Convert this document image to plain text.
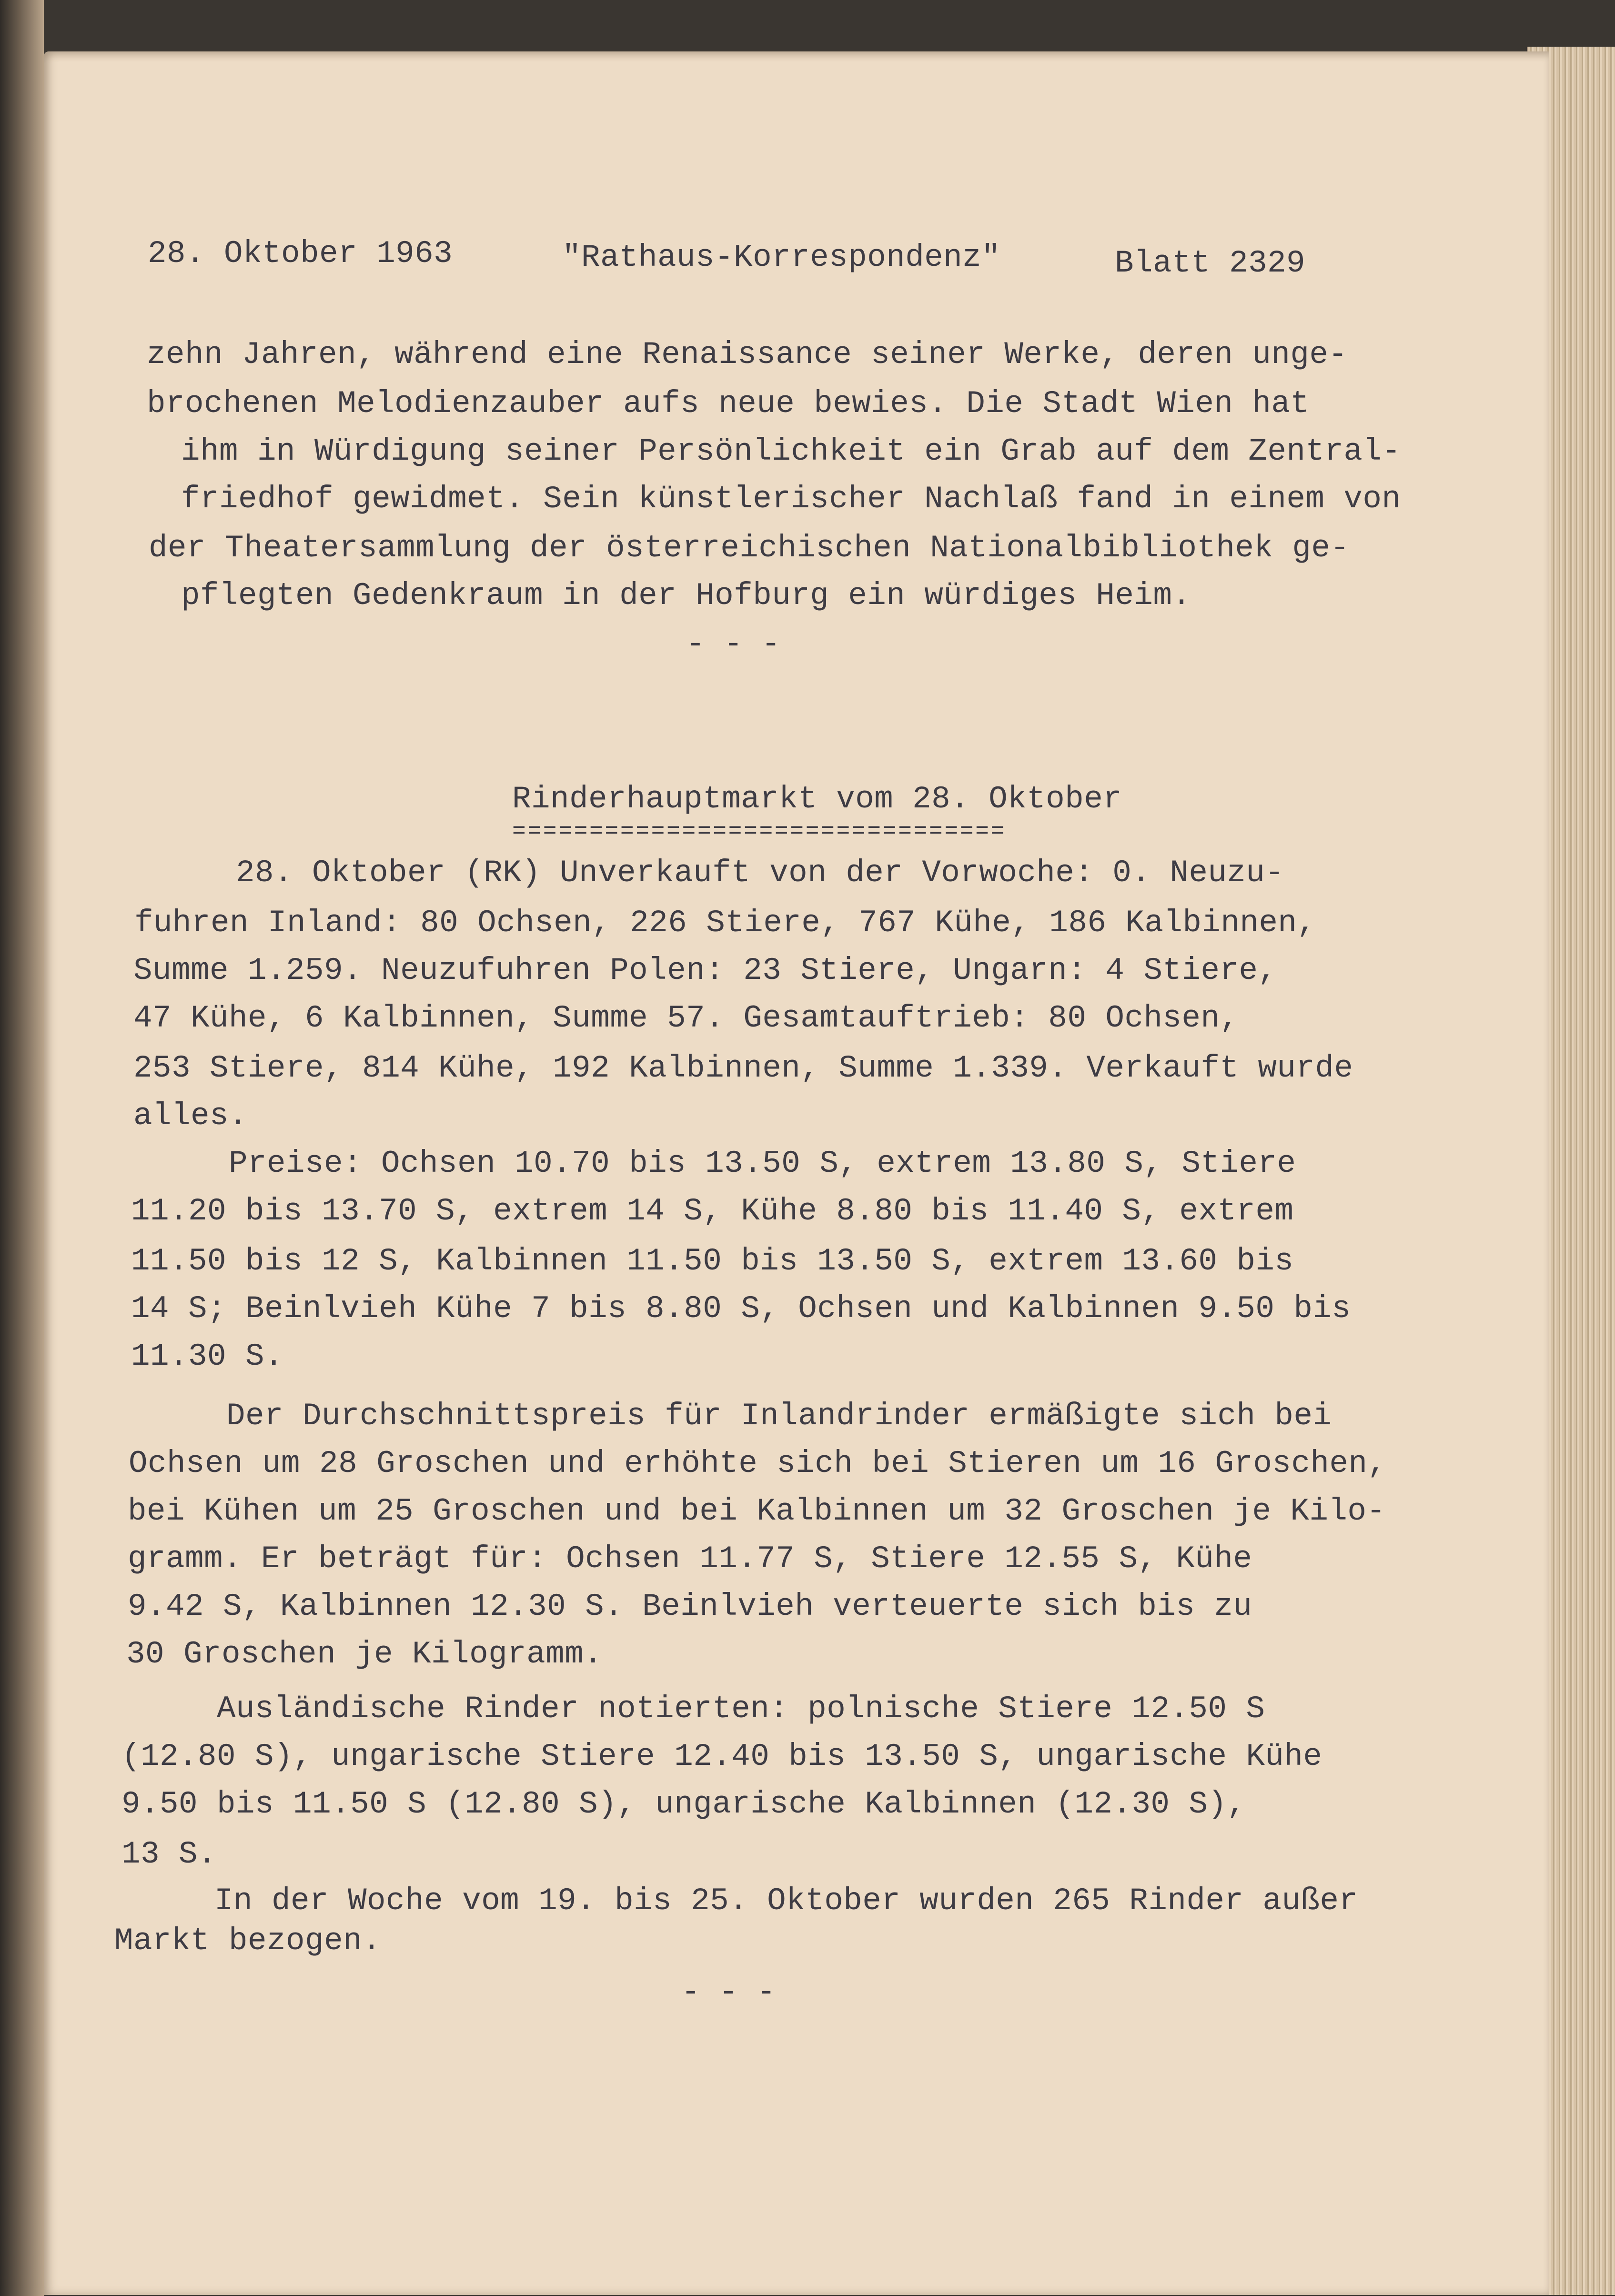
28. Oktober 1963	"Rathaus-Korrespondenz"	Blatt 2329
zehn Jahren, während eine Renaissance seiner Werke, deren unge-
brochenen Melodienzauber aufs neue bewies. Die Stadt Wien hat
ihm in Würdigung seiner Persönlichkeit ein Grab auf dem Zentral-
friedhof gewidmet. Sein künstlerischer Nachlaß fand in einem von
der Theatersammlung der österreichischen Nationalbibliothek ge-
pflegten Gedenkraum in der Hofburg ein würdiges Heim.
- - -
Rinderhauptmarkt vom 28. Oktober
================================
28. Oktober (RK) Unverkauft von der Vorwoche: 0. Neuzu-
fuhren Inland: 80 Ochsen, 226 Stiere, 767 Kühe, 186 Kalbinnen,
Summe 1.259. Neuzufuhren Polen: 23 Stiere, Ungarn: 4 Stiere,
47 Kühe, 6 Kalbinnen, Summe 57. Gesamtauftrieb: 80 Ochsen,
253 Stiere, 814 Kühe, 192 Kalbinnen, Summe 1.339. Verkauft wurde
alles.
Preise: Ochsen 10.70 bis 13.50 S, extrem 13.80 S, Stiere
11.20 bis 13.70 S, extrem 14 S, Kühe 8.80 bis 11.40 S, extrem
11.50 bis 12 S, Kalbinnen 11.50 bis 13.50 S, extrem 13.60 bis
14 S; Beinlvieh Kühe 7 bis 8.80 S, Ochsen und Kalbinnen 9.50 bis
11.30 S.
Der Durchschnittspreis für Inlandrinder ermäßigte sich bei
Ochsen um 28 Groschen und erhöhte sich bei Stieren um 16 Groschen,
bei Kühen um 25 Groschen und bei Kalbinnen um 32 Groschen je Kilo-
gramm. Er beträgt für: Ochsen 11.77 S, Stiere 12.55 S, Kühe
9.42 S, Kalbinnen 12.30 S. Beinlvieh verteuerte sich bis zu
30 Groschen je Kilogramm.
Ausländische Rinder notierten: polnische Stiere 12.50 S
(12.80 S), ungarische Stiere 12.40 bis 13.50 S, ungarische Kühe
9.50 bis 11.50 S (12.80 S), ungarische Kalbinnen (12.30 S),
13 S.
In der Woche vom 19. bis 25. Oktober wurden 265 Rinder außer
Markt bezogen.
- - -
